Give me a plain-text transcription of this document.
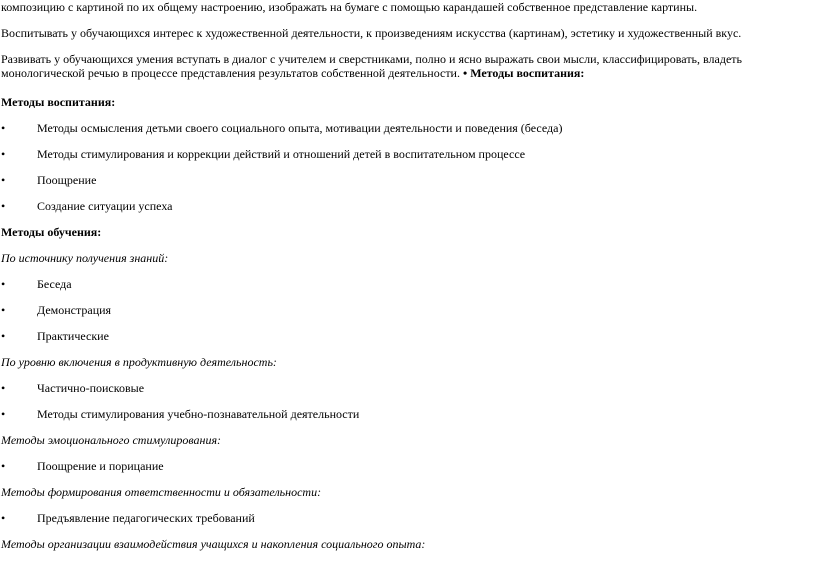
композицию с картиной по их общему настроению, изображать на бумаге с помощью карандашей собственное представление картины.
Воспитывать у обучающихся интерес к художественной деятельности, к произведениям искусства (картинам), эстетику и художественный вкус.
Развивать у обучающихся умения вступать в диалог с учителем и сверстниками, полно и ясно выражать свои мысли, классифицировать, владеть монологической речью в процессе представления результатов собственной деятельности. • Методы воспитания:
Методы воспитания:
•	Методы осмысления детьми своего социального опыта, мотивации деятельности и поведения (беседа)
•	Методы стимулирования и коррекции действий и отношений детей в воспитательном процессе
•	Поощрение
•	Создание ситуации успеха
Методы обучения:
По источнику получения знаний:
•	Беседа
•	Демонстрация
•	Практические
По уровню включения в продуктивную деятельность:
•	Частично-поисковые
•	Методы стимулирования учебно-познавательной деятельности
Методы эмоционального стимулирования:
•	Поощрение и порицание
Методы формирования ответственности и обязательности:
•	Предъявление педагогических требований
Методы организации взаимодействия учащихся и накопления социального опыта:
